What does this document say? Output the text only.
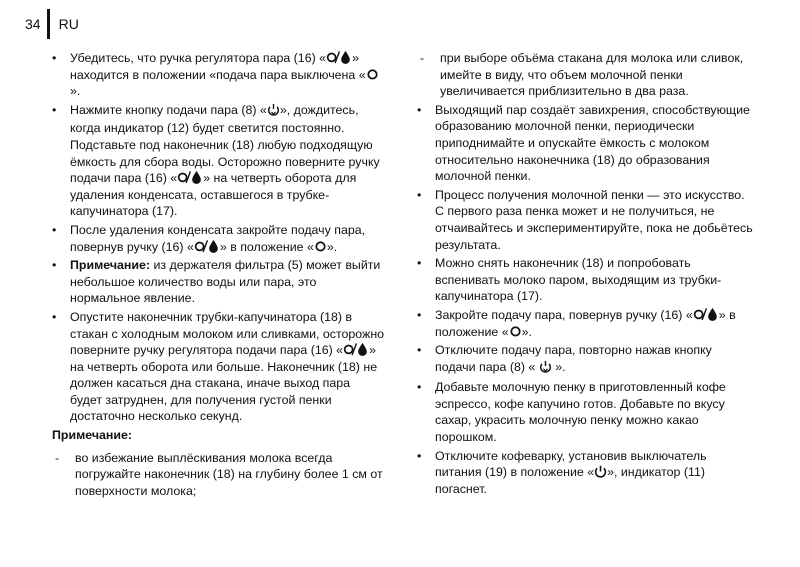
34 RU
• Убедитесь, что ручка регулятора пара (16) « » находится в положении «подача пара выключена «
».
• Нажмите кнопку подачи пара (8) « », дождитесь, когда индикатор (12) будет светится постоянно. Подставьте под наконечник (18) любую подходящую ёмкость для сбора воды. Осторожно поверните ручку подачи пара (16) « » на четверть оборота для удаления конденсата, оставшегося в трубке-капучинатора (17).
• После удаления конденсата закройте подачу пара, повернув ручку (16) « » в положение « ».
• Примечание: из держателя фильтра (5) может выйти небольшое количество воды или пара, это нормальное явление.
• Опустите наконечник трубки-капучинатора (18) в стакан с холодным молоком или сливками, осторожно поверните ручку регулятора подачи пара (16) « » на четверть оборота или больше. Наконечник (18) не должен касаться дна стакана, иначе выход пара будет затруднен, для получения густой пенки достаточно несколько секунд.
Примечание:
- во избежание выплёскивания молока всегда погружайте наконечник (18) на глубину более 1 см от поверхности молока;
- при выборе объёма стакана для молока или сливок, имейте в виду, что объем молочной пенки увеличивается приблизительно в два раза.
• Выходящий пар создаёт завихрения, способствующие образованию молочной пенки, периодически приподнимайте и опускайте ёмкость с молоком относительно наконечника (18) до образования молочной пенки.
• Процесс получения молочной пенки — это искусство. С первого раза пенка может и не получиться, не отчаивайтесь и экспериментируйте, пока не добьётесь результата.
• Можно снять наконечник (18) и попробовать вспенивать молоко паром, выходящим из трубки-капучинатора (17).
• Закройте подачу пара, повернув ручку (16) « » в положение « ».
• Отключите подачу пара, повторно нажав кнопку подачи пара (8) «  ».
• Добавьте молочную пенку в приготовленный кофе эспрессо, кофе капучино готов. Добавьте по вкусу сахар, украсить молочную пенку можно какао порошком.
• Отключите кофеварку, установив выключатель питания (19) в положение « », индикатор (11) погаснет.
